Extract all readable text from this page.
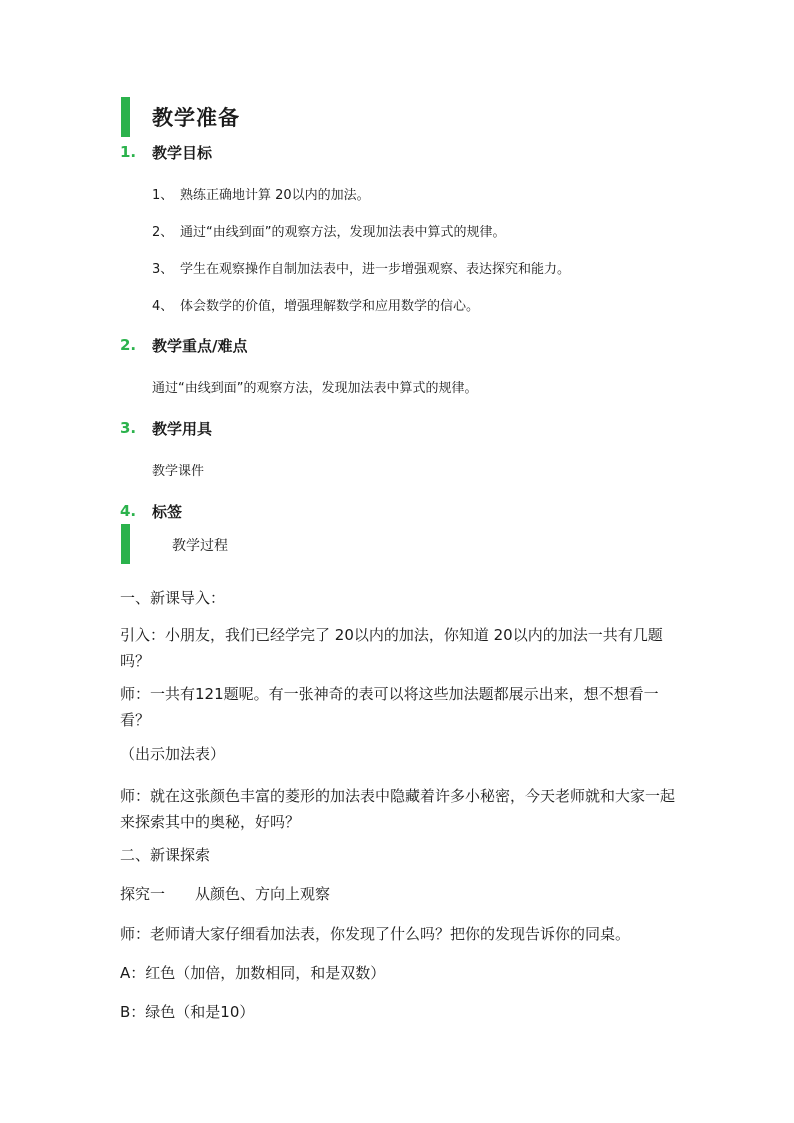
教学准备
1. 教学目标
1、 熟练正确地计算 20以内的加法。
2、 通过“由线到面”的观察方法，发现加法表中算式的规律。
3、 学生在观察操作自制加法表中，进一步增强观察、表达探究和能力。
4、 体会数学的价值，增强理解数学和应用数学的信心。
2. 教学重点/难点
通过“由线到面”的观察方法，发现加法表中算式的规律。
3. 教学用具
教学课件
4. 标签
教学过程
一、新课导入：
引入：小朋友，我们已经学完了 20以内的加法，你知道 20以内的加法一共有几题吗？
师：一共有121题呢。有一张神奇的表可以将这些加法题都展示出来，想不想看一看？
（出示加法表）
师：就在这张颜色丰富的菱形的加法表中隐藏着许多小秘密，今天老师就和大家一起来探索其中的奥秘，好吗？
二、新课探索
探究一　　从颜色、方向上观察
师：老师请大家仔细看加法表，你发现了什么吗？把你的发现告诉你的同桌。
A：红色（加倍，加数相同，和是双数）
B：绿色（和是10）
